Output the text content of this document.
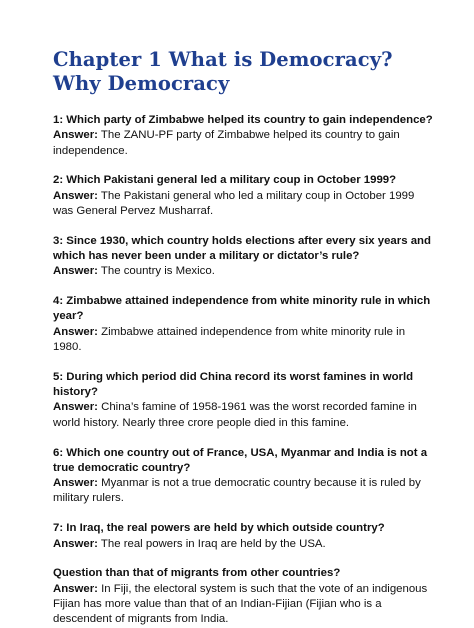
Chapter 1 What is Democracy? Why Democracy
1: Which party of Zimbabwe helped its country to gain independence?
Answer: The ZANU-PF party of Zimbabwe helped its country to gain independence.
2: Which Pakistani general led a military coup in October 1999?
Answer: The Pakistani general who led a military coup in October 1999 was General Pervez Musharraf.
3: Since 1930, which country holds elections after every six years and which has never been under a military or dictator’s rule?
Answer: The country is Mexico.
4: Zimbabwe attained independence from white minority rule in which year?
Answer: Zimbabwe attained independence from white minority rule in 1980.
5: During which period did China record its worst famines in world history?
Answer: China’s famine of 1958-1961 was the worst recorded famine in world history. Nearly three crore people died in this famine.
6: Which one country out of France, USA, Myanmar and India is not a true democratic country?
Answer: Myanmar is not a true democratic country because it is ruled by military rulers.
7: In Iraq, the real powers are held by which outside country?
Answer: The real powers in Iraq are held by the USA.
Question than that of migrants from other countries?
Answer: In Fiji, the electoral system is such that the vote of an indigenous Fijian has more value than that of an Indian-Fijian (Fijian who is a descendent of migrants from India.
